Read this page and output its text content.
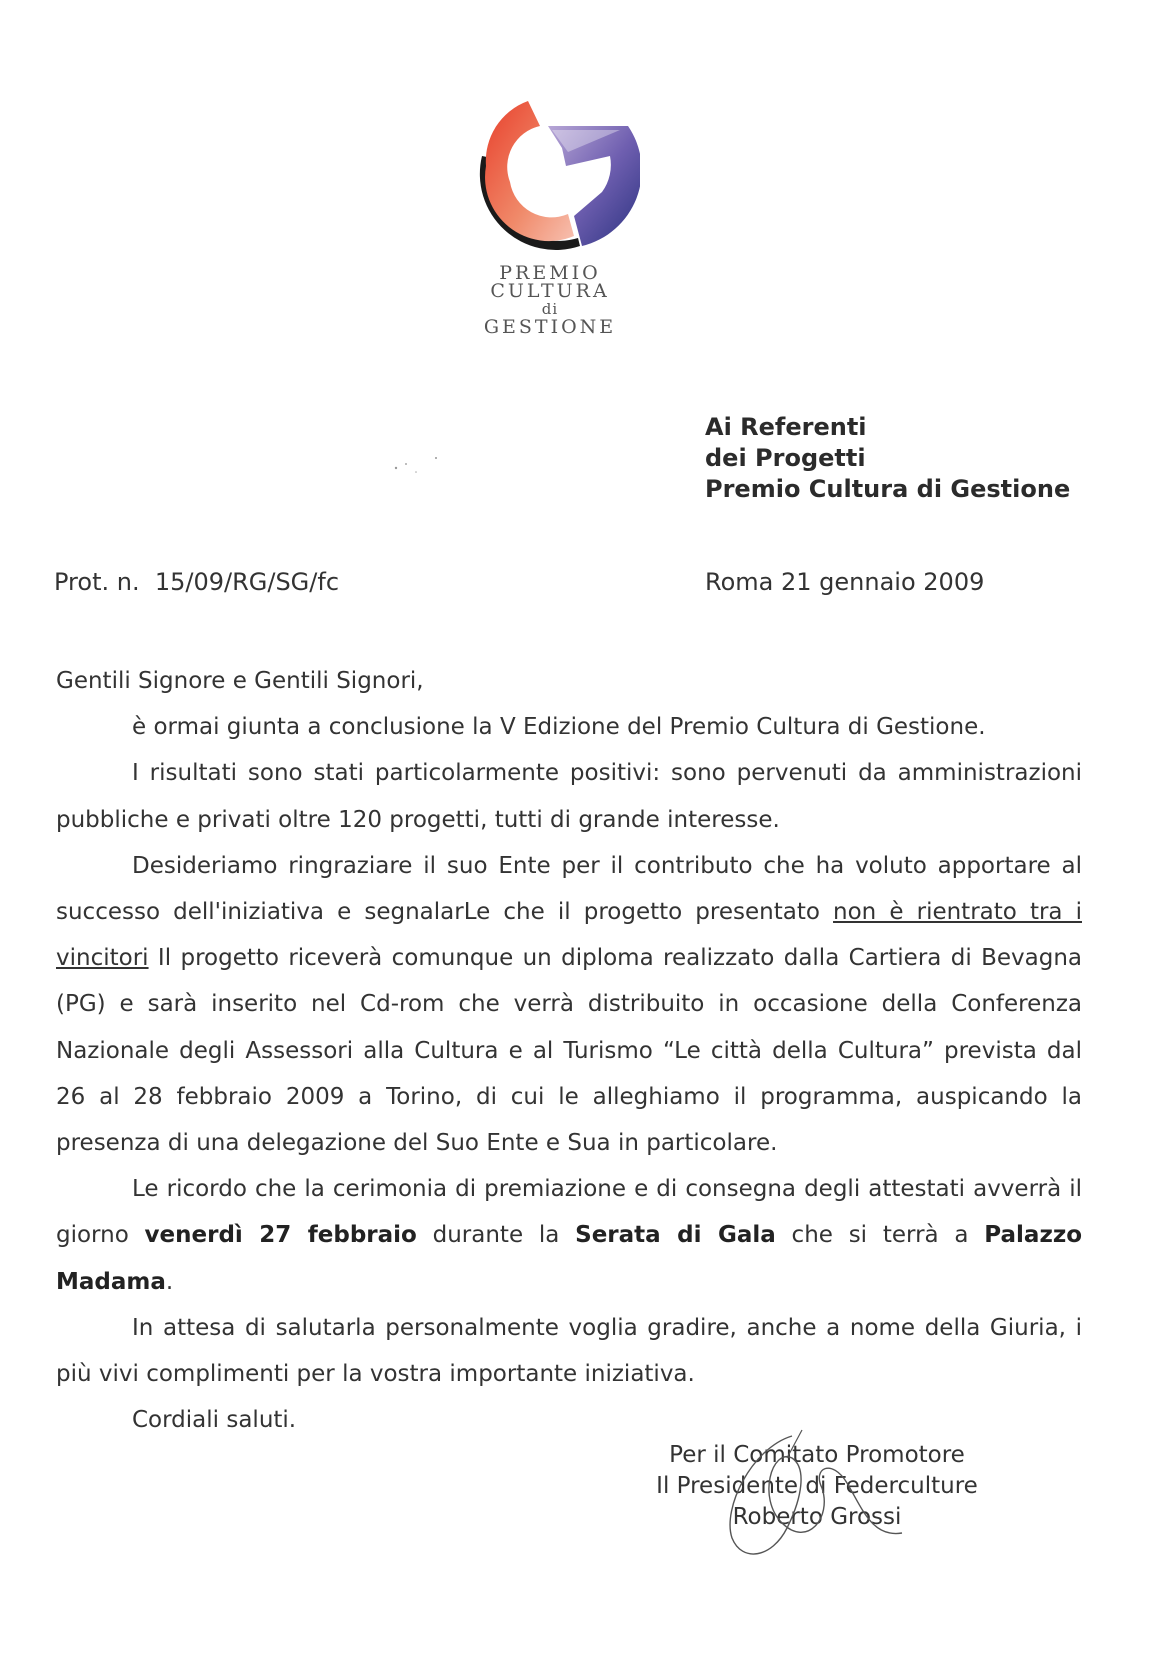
PREMIO
CULTURA
di
GESTIONE
Ai Referenti
dei Progetti
Premio Cultura di Gestione
Prot. n.  15/09/RG/SG/fc	Roma 21 gennaio 2009

Gentili Signore e Gentili Signori,

è ormai giunta a conclusione la V Edizione del Premio Cultura di Gestione.

I risultati sono stati particolarmente positivi: sono pervenuti da amministrazioni pubbliche e privati oltre 120 progetti, tutti di grande interesse.

Desideriamo ringraziare il suo Ente per il contributo che ha voluto apportare al successo dell'iniziativa e segnalarLe che il progetto presentato non è rientrato tra i vincitori Il progetto riceverà comunque un diploma realizzato dalla Cartiera di Bevagna (PG) e sarà inserito nel Cd-rom che verrà distribuito in occasione della Conferenza Nazionale degli Assessori alla Cultura e al Turismo “Le città della Cultura” prevista dal 26 al 28 febbraio 2009 a Torino, di cui le alleghiamo il programma, auspicando la presenza di una delegazione del Suo Ente e Sua in particolare.

Le ricordo che la cerimonia di premiazione e di consegna degli attestati avverrà il giorno venerdì 27 febbraio durante la Serata di Gala che si terrà a Palazzo Madama.

In attesa di salutarla personalmente voglia gradire, anche a nome della Giuria, i più vivi complimenti per la vostra importante iniziativa.

Cordiali saluti.

Per il Comitato Promotore
Il Presidente di Federculture
Roberto Grossi
